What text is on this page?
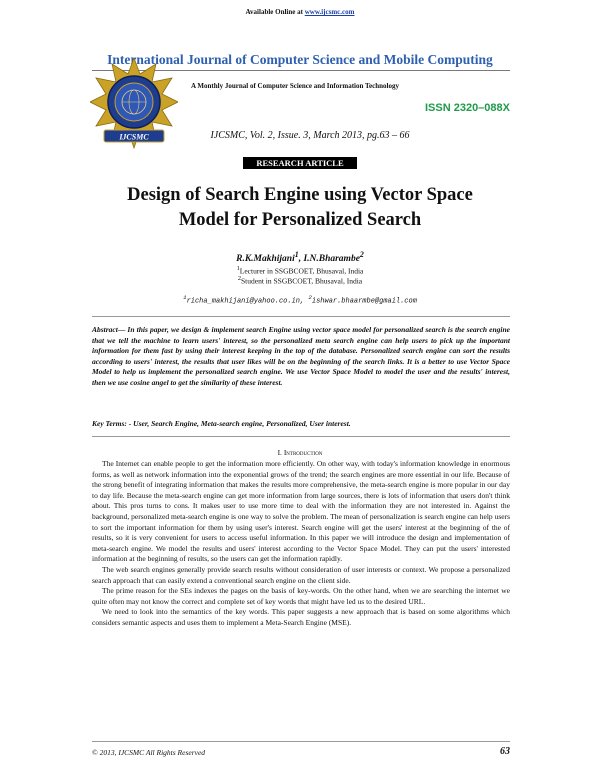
Available Online at www.ijcsmc.com
International Journal of Computer Science and Mobile Computing
IJCSMC
A Monthly Journal of Computer Science and Information Technology
ISSN 2320–088X
IJCSMC, Vol. 2, Issue. 3, March 2013, pg.63 – 66
RESEARCH ARTICLE
Design of Search Engine using Vector Space
Model for Personalized Search
R.K.Makhijani$^1$, I.N.Bharambe$^2$
$^1$Lecturer in SSGBCOET, Bhusaval, India
$^2$Student in SSGBCOET, Bhusaval, India
$^1$richa_makhijani@yahoo.co.in, $^2$ishwar.bhaarmbe@gmail.com
Abstract— In this paper, we design & implement search Engine using vector space model for personalized search is the search engine that we tell the machine to learn users' interest, so the personalized meta search engine can help users to pick up the important information for them fast by using their interest keeping in the top of the database. Personalized search engine can sort the results according to users' interest, the results that user likes will be on the beginning of the search links. It is a better to use Vector Space Model to help us implement the personalized search engine. We use Vector Space Model to model the user and the results' interest, then we use cosine angel to get the similarity of these interest.
Key Terms: - User, Search Engine, Meta-search engine, Personalized, User interest.
I. Introduction

The Internet can enable people to get the information more efficiently. On other way, with today's information knowledge in enormous forms, as well as network information into the exponential grows of the trend; the search engines are more essential in our life. Because of the strong benefit of integrating information that makes the results more comprehensive, the meta-search engine is more popular in our day to day life. Because the meta-search engine can get more information from large sources, there is lots of information that users don't think about. This pros turns to cons. It makes user to use more time to deal with the information they are not interested in. Against the background, personalized meta-search engine is one way to solve the problem. The mean of personalization is search engine can help users to sort the important information for them by using user's interest. Search engine will get the users' interest at the beginning of the of results, so it is very convenient for users to access useful information. In this paper we will introduce the design and implementation of meta-search engine. We model the results and users' interest according to the Vector Space Model. They can put the users' interested information at the beginning of results, so the users can get the information rapidly.

The web search engines generally provide search results without consideration of user interests or context. We propose a personalized search approach that can easily extend a conventional search engine on the client side.

The prime reason for the SEs indexes the pages on the basis of key-words. On the other hand, when we are searching the internet we quite often may not know the correct and complete set of key words that might have led us to the desired URL.

We need to look into the semantics of the key words. This paper suggests a new approach that is based on some algorithms which considers semantic aspects and uses them to implement a Meta-Search Engine (MSE).

© 2013, IJCSMC All Rights Reserved	63
